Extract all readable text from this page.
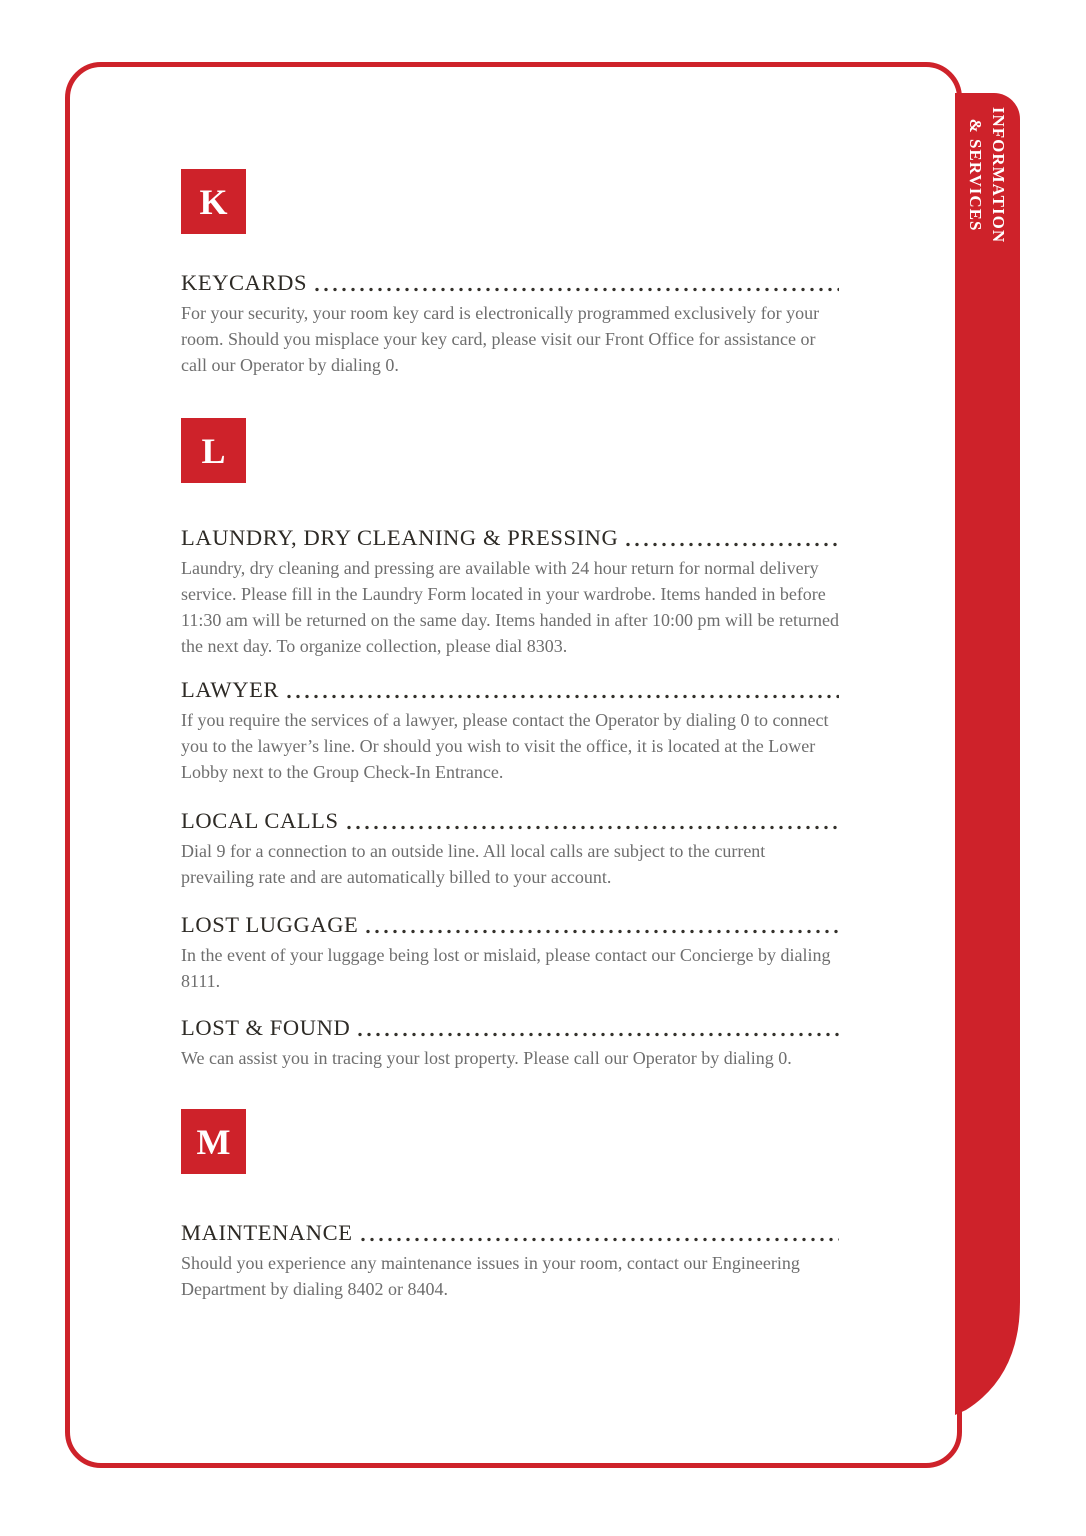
INFORMATION
& SERVICES
K
KEYCARDS

For your security, your room key card is electronically programmed exclusively for your room. Should you misplace your key card, please visit our Front Office for assistance or call our Operator by dialing 0.

L
LAUNDRY, DRY CLEANING & PRESSING

Laundry, dry cleaning and pressing are available with 24 hour return for normal delivery service. Please fill in the Laundry Form located in your wardrobe. Items handed in before 11:30 am will be returned on the same day. Items handed in after 10:00 pm will be returned the next day. To organize collection, please dial 8303.

LAWYER

If you require the services of a lawyer, please contact the Operator by dialing 0 to connect you to the lawyer’s line. Or should you wish to visit the office, it is located at the Lower Lobby next to the Group Check-In Entrance.

LOCAL CALLS

Dial 9 for a connection to an outside line. All local calls are subject to the current prevailing rate and are automatically billed to your account.

LOST LUGGAGE

In the event of your luggage being lost or mislaid, please contact our Concierge by dialing 8111.

LOST & FOUND

We can assist you in tracing your lost property. Please call our Operator by dialing 0.

M
MAINTENANCE

Should you experience any maintenance issues in your room, contact our Engineering Department by dialing 8402 or 8404.
